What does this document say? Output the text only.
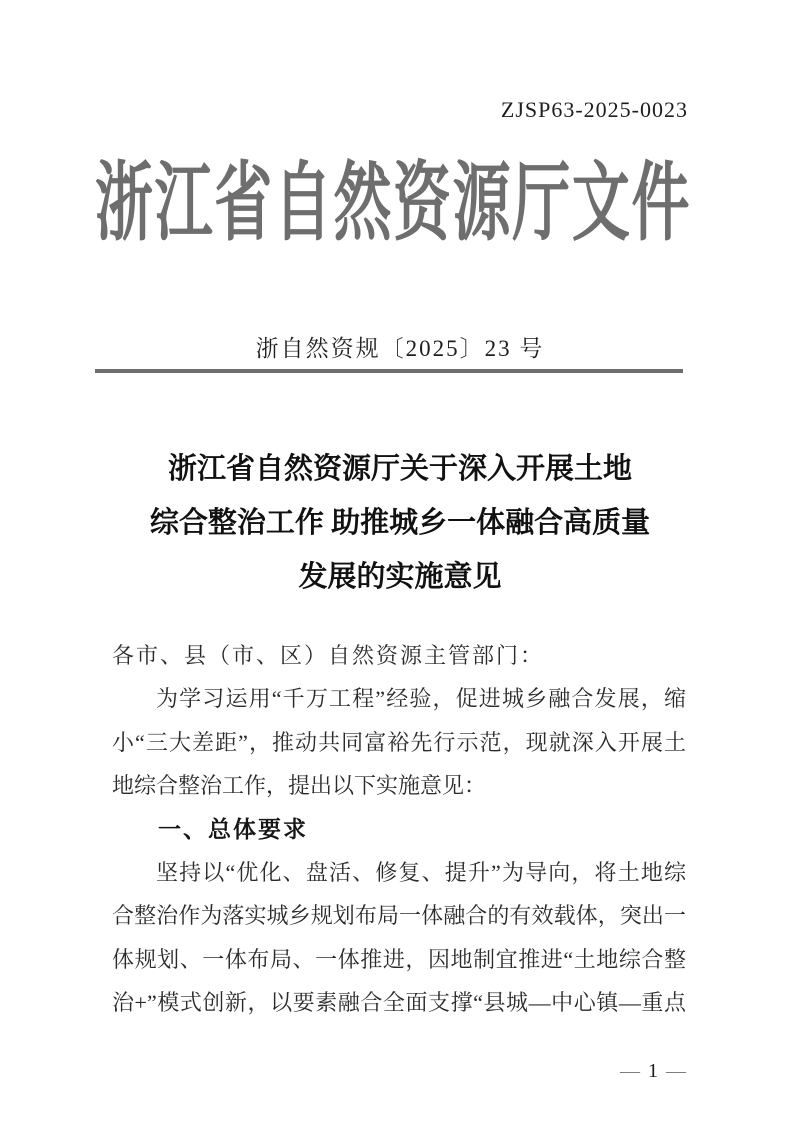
ZJSP63-2025-0023
浙江省自然资源厅文件
浙自然资规〔2025〕23 号
浙江省自然资源厅关于深入开展土地
综合整治工作 助推城乡一体融合高质量
发展的实施意见
各市、县（市、区）自然资源主管部门：
为学习运用“千万工程”经验，促进城乡融合发展，缩
小“三大差距”，推动共同富裕先行示范，现就深入开展土
地综合整治工作，提出以下实施意见：
一、总体要求
坚持以“优化、盘活、修复、提升”为导向，将土地综
合整治作为落实城乡规划布局一体融合的有效载体，突出一
体规划、一体布局、一体推进，因地制宜推进“土地综合整
治+”模式创新，以要素融合全面支撑“县城—中心镇—重点
— 1 —
